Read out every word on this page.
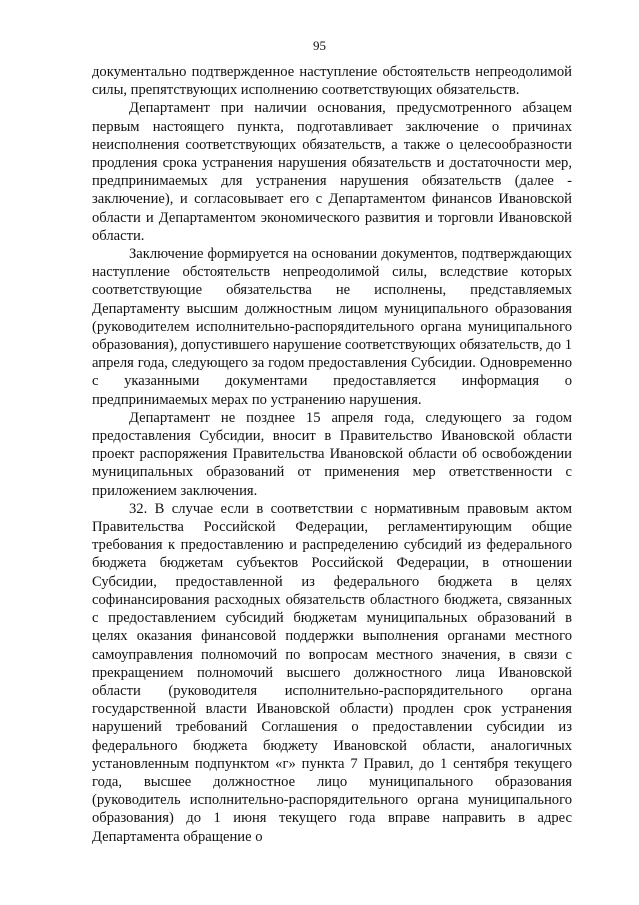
95

документально подтвержденное наступление обстоятельств непреодолимой силы, препятствующих исполнению соответствующих обязательств.

Департамент при наличии основания, предусмотренного абзацем первым настоящего пункта, подготавливает заключение о причинах неисполнения соответствующих обязательств, а также о целесообразности продления срока устранения нарушения обязательств и достаточности мер, предпринимаемых для устранения нарушения обязательств (далее - заключение), и согласовывает его с Департаментом финансов Ивановской области и Департаментом экономического развития и торговли Ивановской области.

Заключение формируется на основании документов, подтверждающих наступление обстоятельств непреодолимой силы, вследствие которых соответствующие обязательства не исполнены, представляемых Департаменту высшим должностным лицом муниципального образования (руководителем исполнительно-распорядительного органа муниципального образования), допустившего нарушение соответствующих обязательств, до 1 апреля года, следующего за годом предоставления Субсидии. Одновременно с указанными документами предоставляется информация о предпринимаемых мерах по устранению нарушения.

Департамент не позднее 15 апреля года, следующего за годом предоставления Субсидии, вносит в Правительство Ивановской области проект распоряжения Правительства Ивановской области об освобождении муниципальных образований от применения мер ответственности с приложением заключения.

32. В случае если в соответствии с нормативным правовым актом Правительства Российской Федерации, регламентирующим общие требования к предоставлению и распределению субсидий из федерального бюджета бюджетам субъектов Российской Федерации, в отношении Субсидии, предоставленной из федерального бюджета в целях софинансирования расходных обязательств областного бюджета, связанных с предоставлением субсидий бюджетам муниципальных образований в целях оказания финансовой поддержки выполнения органами местного самоуправления полномочий по вопросам местного значения, в связи с прекращением полномочий высшего должностного лица Ивановской области (руководителя исполнительно-распорядительного органа государственной власти Ивановской области) продлен срок устранения нарушений требований Соглашения о предоставлении субсидии из федерального бюджета бюджету Ивановской области, аналогичных установленным подпунктом «г» пункта 7 Правил, до 1 сентября текущего года, высшее должностное лицо муниципального образования (руководитель исполнительно-распорядительного органа муниципального образования) до 1 июня текущего года вправе направить в адрес Департамента обращение о
